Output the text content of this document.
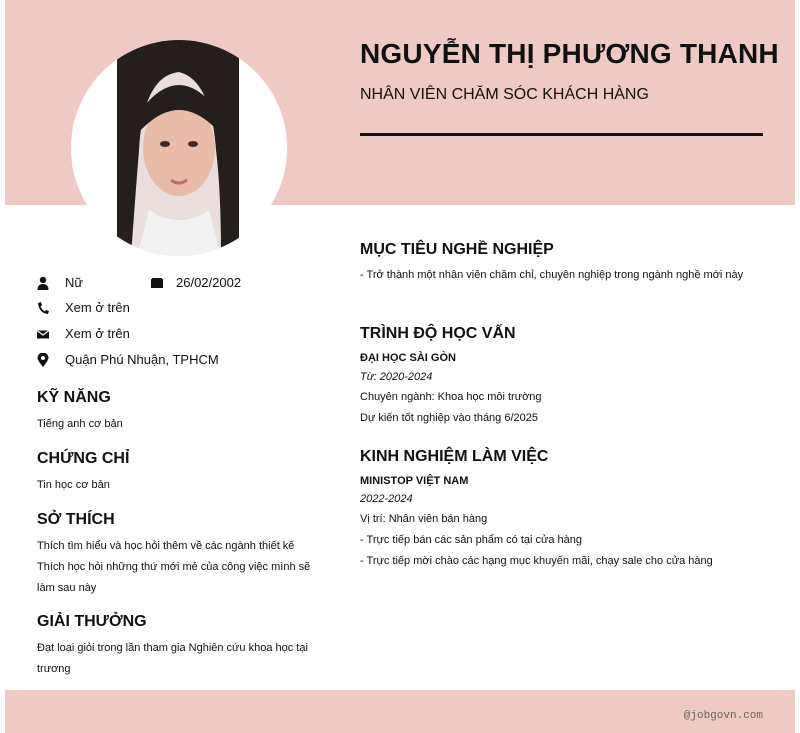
NGUYỄN THỊ PHƯƠNG THANH

NHÂN VIÊN CHĂM SÓC KHÁCH HÀNG

Nữ	26/02/2002
Xem ở trên
Xem ở trên
Quận Phú Nhuận, TPHCM
KỸ NĂNG

Tiếng anh cơ bản

CHỨNG CHỈ

Tin học cơ bản

SỞ THÍCH

Thích tìm hiểu và học hỏi thêm về các ngành thiết kế

Thích học hỏi những thứ mới mẻ của công việc mình sẽ làm sau này

GIẢI THƯỞNG

Đạt loại giỏi trong lần tham gia Nghiên cứu khoa học tại trương

MỤC TIÊU NGHỀ NGHIỆP

- Trở thành một nhân viên chăm chỉ, chuyên nghiệp trong ngành nghề mới này

TRÌNH ĐỘ HỌC VẤN
ĐẠI HỌC SÀI GÒN
Từ: 2020-2024

Chuyên ngành: Khoa học môi trường

Dự kiến tốt nghiệp vào tháng 6/2025

KINH NGHIỆM LÀM VIỆC
MINISTOP VIỆT NAM
2022-2024

Vị trí: Nhân viên bán hàng

- Trực tiếp bán các sản phẩm có tại cửa hàng

- Trực tiếp mời chào các hạng mục khuyến mãi, chạy sale cho cửa hàng

@jobgovn.com
